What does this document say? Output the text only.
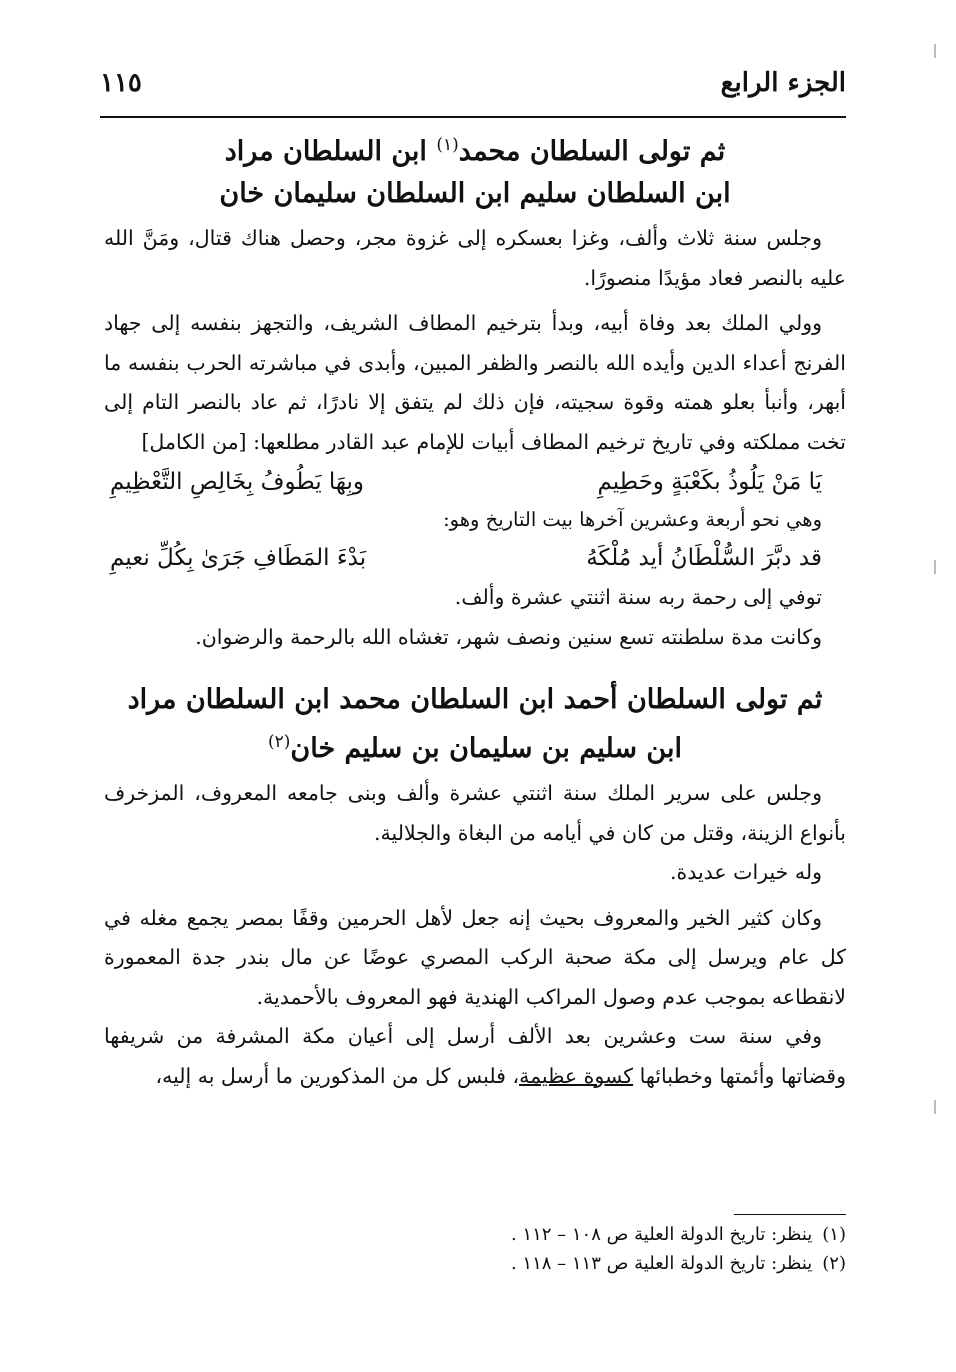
الجزء الرابع
١١٥

ثم تولى السلطان محمد$^{(١)}$ ابن السلطان مراد

ابن السلطان سليم ابن السلطان سليمان خان

وجلس سنة ثلاث وألف، وغزا بعسكره إلى غزوة مجر، وحصل هناك قتال، ومَنَّ الله عليه بالنصر فعاد مؤيدًا منصورًا.

وولي الملك بعد وفاة أبيه، وبدأ بترخيم المطاف الشريف، والتجهز بنفسه إلى جهاد الفرنج أعداء الدين وأيده الله بالنصر والظفر المبين، وأبدى في مباشرته الحرب بنفسه ما أبهر، وأنبأ بعلو همته وقوة سجيته، فإن ذلك لم يتفق إلا نادرًا، ثم عاد بالنصر التام إلى تخت مملكته وفي تاريخ ترخيم المطاف أبيات للإمام عبد القادر مطلعها: [من الكامل]

يَا مَنْ يَلُوذُ بكَعْبَةٍ وحَطِيمِ
وبِهَا يَطُوفُ بِخَالِصِ التَّعْظِيمِ

وهي نحو أربعة وعشرين آخرها بيت التاريخ وهو:

قد دبَّرَ السُّلْطَانُ أيد مُلْكَهُ
بَدْءَ المَطَافِ جَرَىٰ بِكُلِّ نعيمِ

توفي إلى رحمة ربه سنة اثنتي عشرة وألف.

وكانت مدة سلطنته تسع سنين ونصف شهر، تغشاه الله بالرحمة والرضوان.

ثم تولى السلطان أحمد ابن السلطان محمد ابن السلطان مراد

ابن سليم بن سليمان بن سليم خان$^{(٢)}$

وجلس على سرير الملك سنة اثنتي عشرة وألف وبنى جامعه المعروف، المزخرف بأنواع الزينة، وقتل من كان في أيامه من البغاة والجلالية.

وله خيرات عديدة.

وكان كثير الخير والمعروف بحيث إنه جعل لأهل الحرمين وقفًا بمصر يجمع مغله في كل عام ويرسل إلى مكة صحبة الركب المصري عوضًا عن مال بندر جدة المعمورة لانقطاعه بموجب عدم وصول المراكب الهندية فهو المعروف بالأحمدية.

وفي سنة ست وعشرين بعد الألف أرسل إلى أعيان مكة المشرفة من شريفها وقضاتها وأئمتها وخطبائها كسوة عظيمة، فلبس كل من المذكورين ما أرسل به إليه،

(١)ينظر: تاريخ الدولة العلية ص ١٠٨ – ١١٢ .

(٢)ينظر: تاريخ الدولة العلية ص ١١٣ – ١١٨ .
